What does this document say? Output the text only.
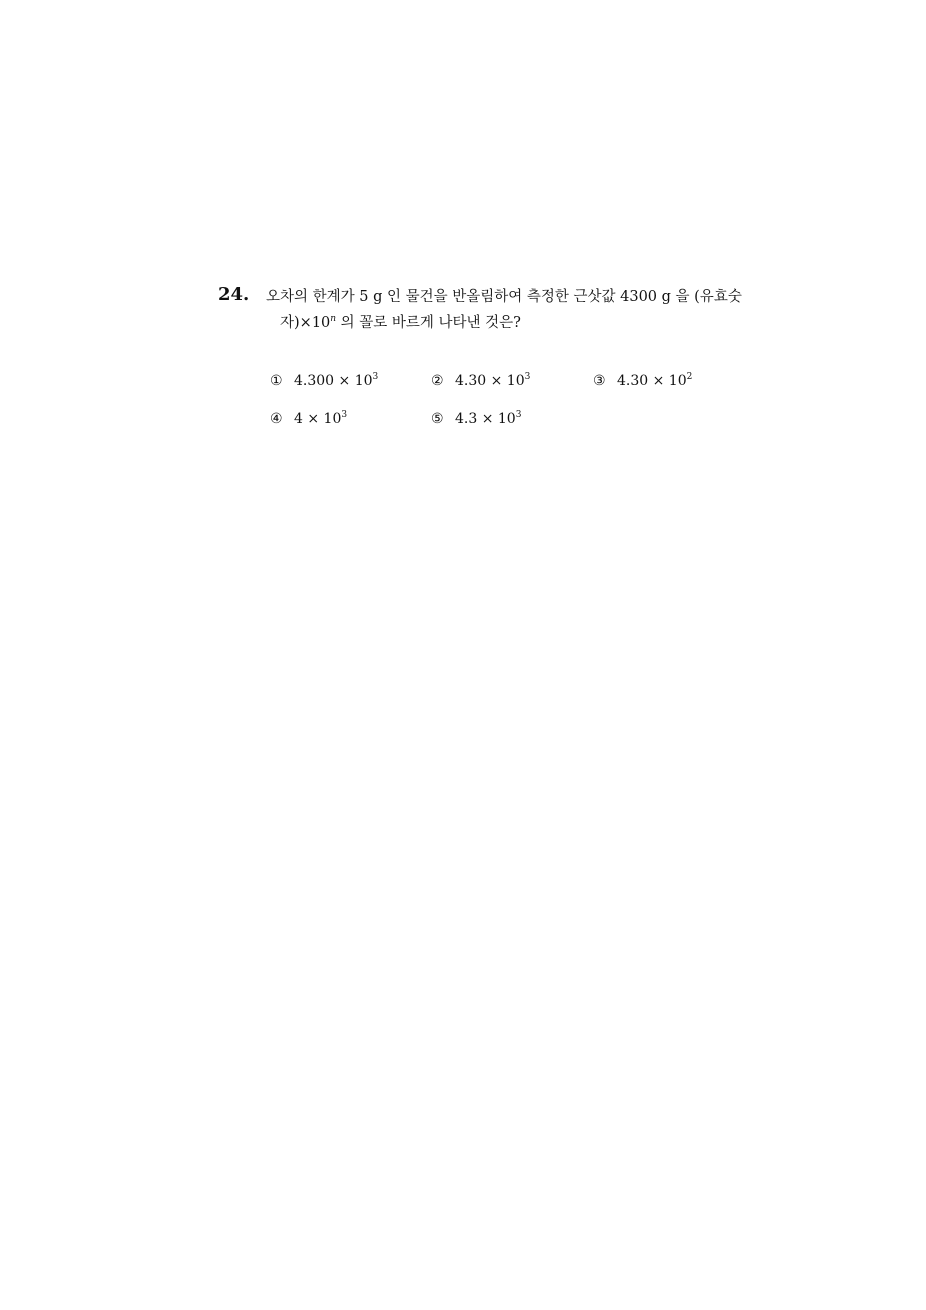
24. 오차의 한계가 5 g 인 물건을 반올림하여 측정한 근삿값 4300 g 을 (유효숫
자)$\times 10^n$ 의 꼴로 바르게 나타낸 것은?
① $4.300 \times 10^3$	② $4.30 \times 10^3$	③ $4.30 \times 10^2$
④ $4 \times 10^3$	⑤ $4.3 \times 10^3$
